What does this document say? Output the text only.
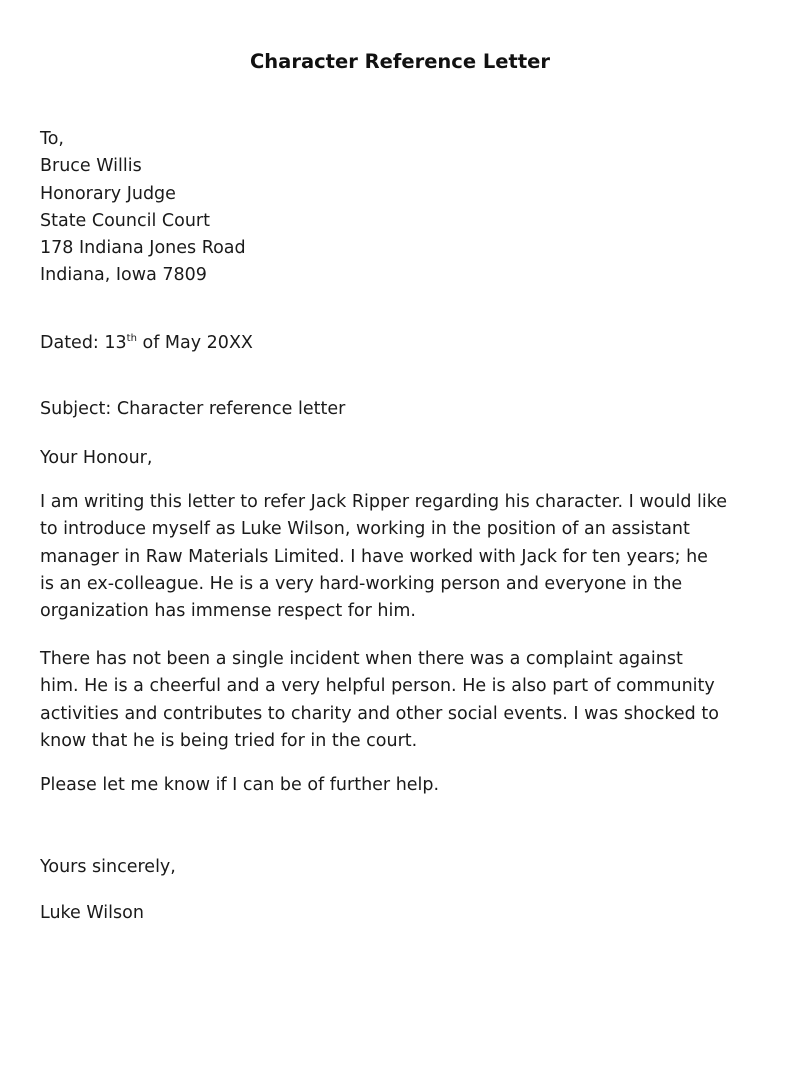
Character Reference Letter
To,
Bruce Willis
Honorary Judge
State Council Court
178 Indiana Jones Road
Indiana, Iowa 7809
Dated: 13th of May 20XX
Subject: Character reference letter
Your Honour,
I am writing this letter to refer Jack Ripper regarding his character. I would like
to introduce myself as Luke Wilson, working in the position of an assistant
manager in Raw Materials Limited. I have worked with Jack for ten years; he
is an ex-colleague. He is a very hard-working person and everyone in the
organization has immense respect for him.
There has not been a single incident when there was a complaint against
him. He is a cheerful and a very helpful person. He is also part of community
activities and contributes to charity and other social events. I was shocked to
know that he is being tried for in the court.
Please let me know if I can be of further help.
Yours sincerely,
Luke Wilson
